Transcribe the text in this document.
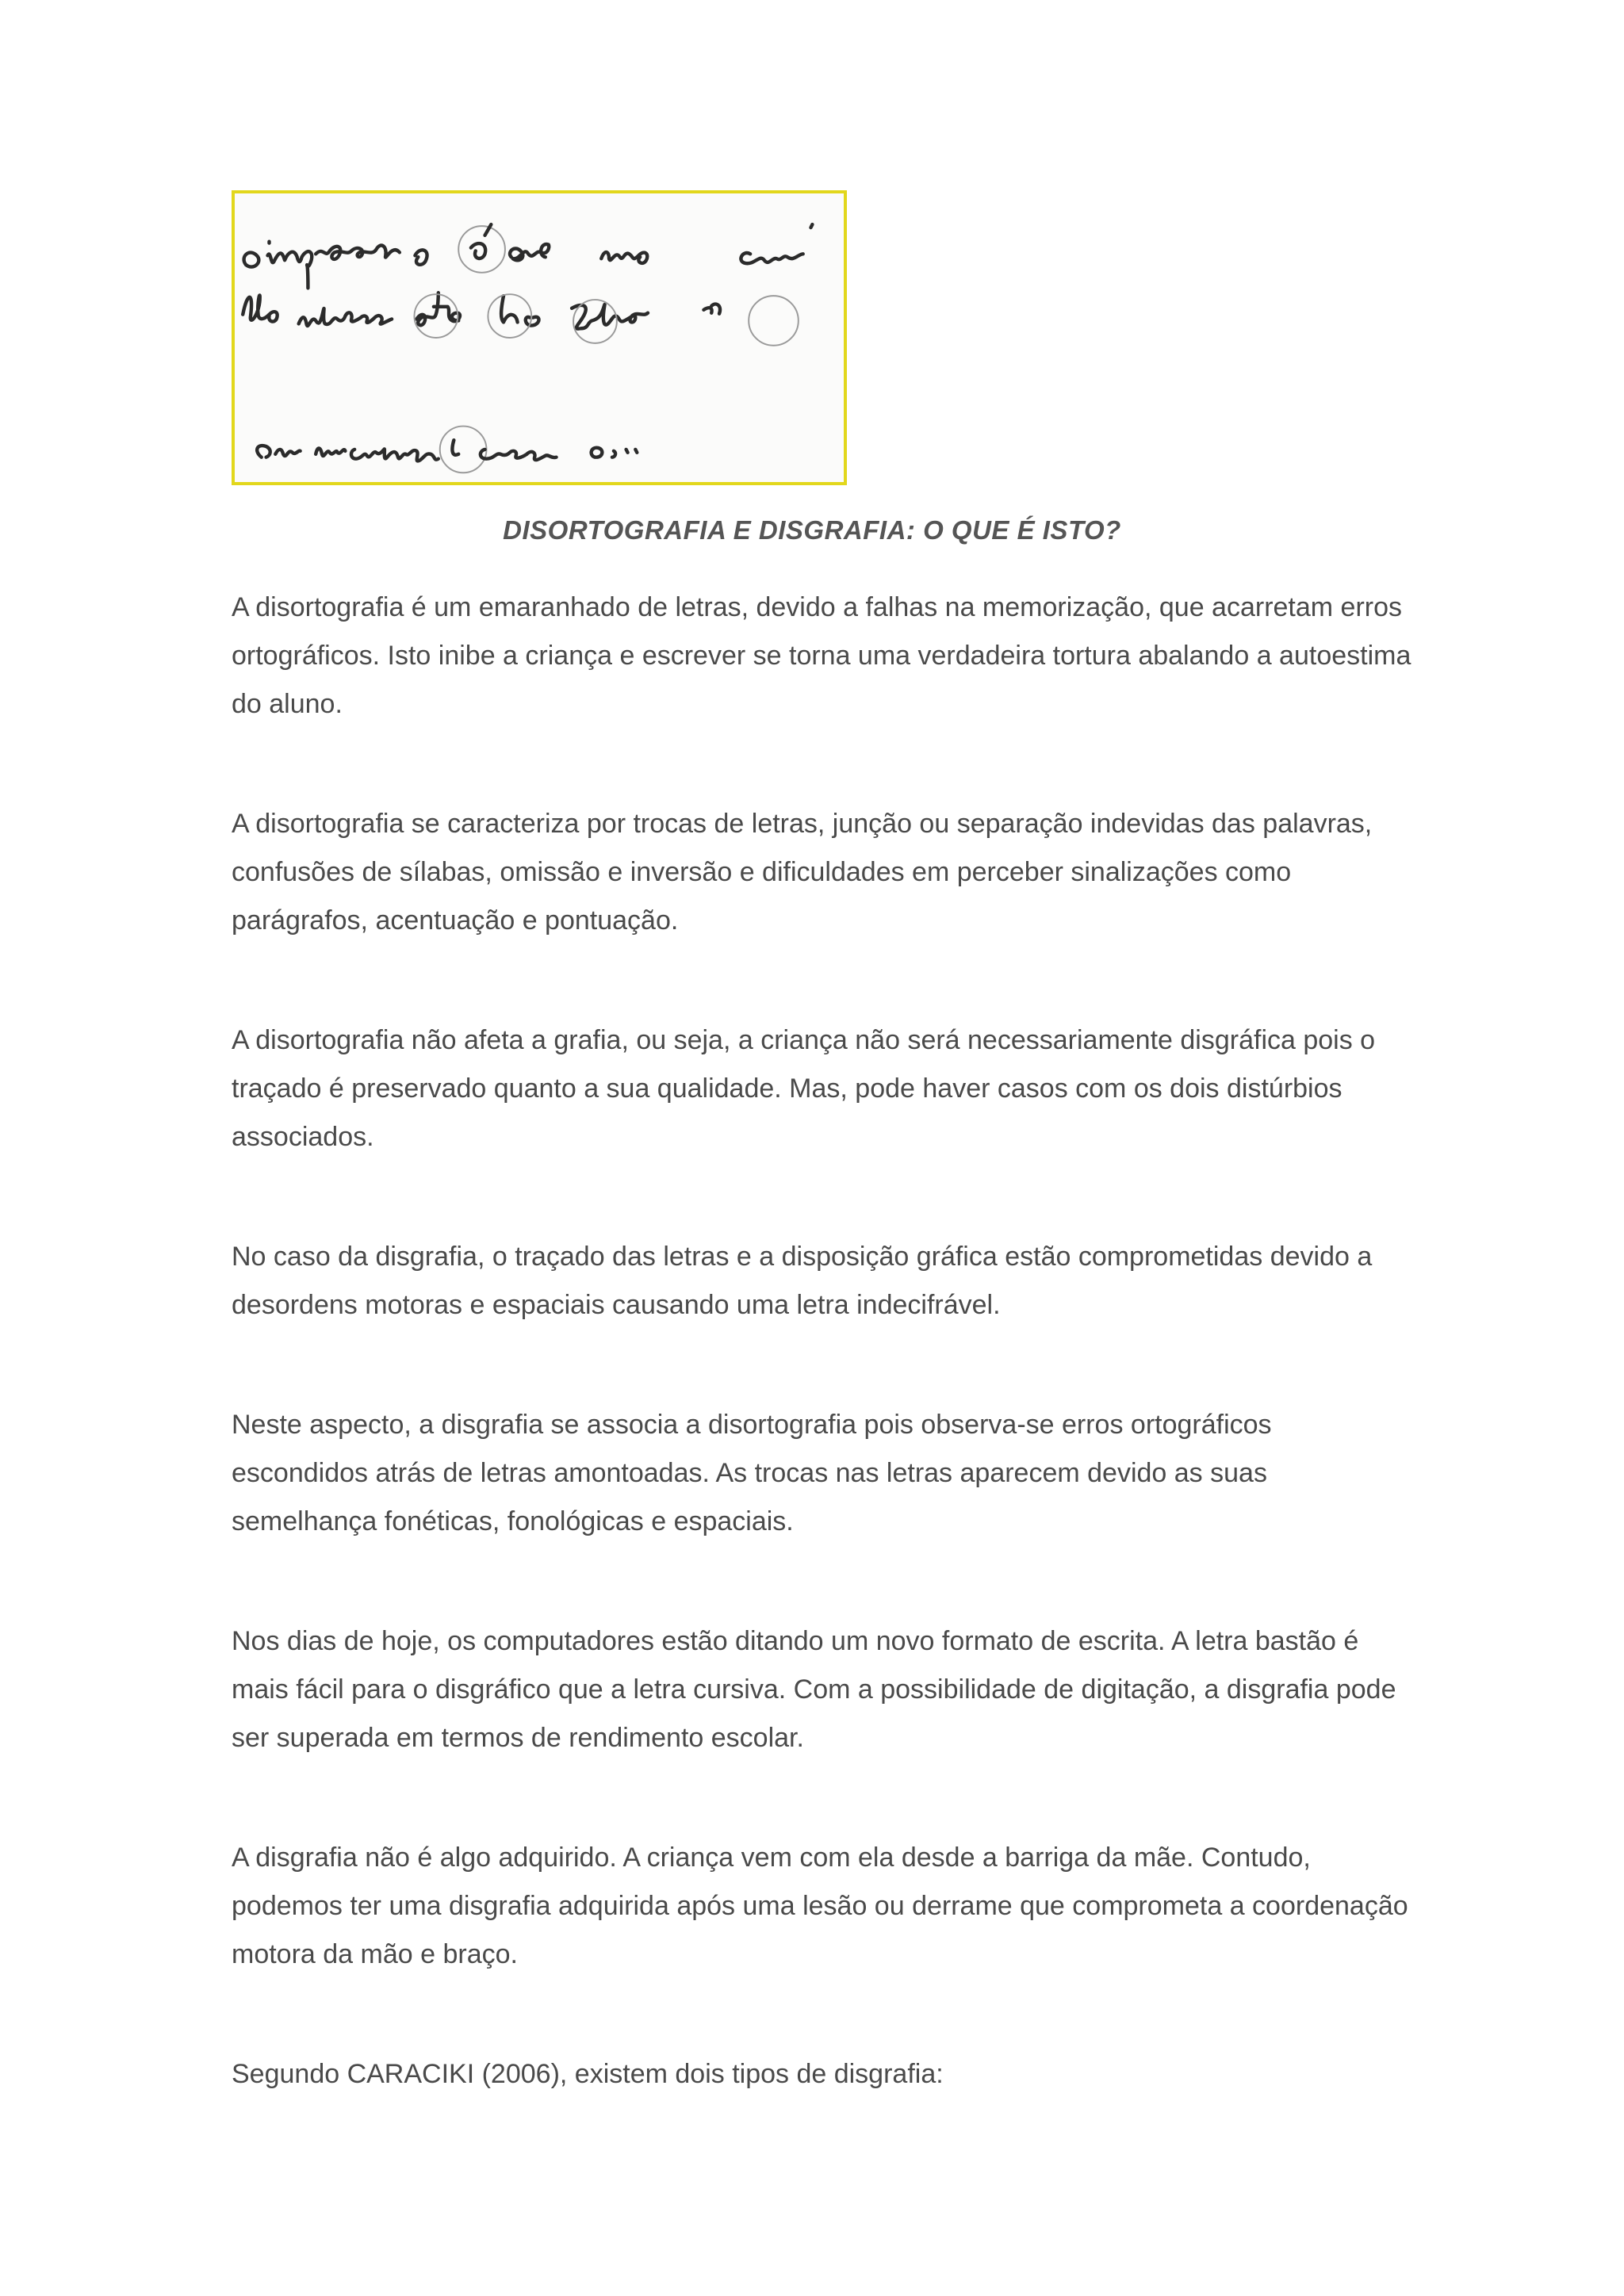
DISORTOGRAFIA E DISGRAFIA: O QUE É ISTO?

A disortografia é um emaranhado de letras, devido a falhas na memorização, que acarretam erros ortográficos. Isto inibe a criança e escrever se torna uma verdadeira tortura abalando a autoestima do aluno.

A disortografia se caracteriza por trocas de letras, junção ou separação indevidas das palavras, confusões de sílabas, omissão e inversão e dificuldades em perceber sinalizações como parágrafos, acentuação e pontuação.

A disortografia não afeta a grafia, ou seja, a criança não será necessariamente disgráfica pois o traçado é preservado quanto a sua qualidade. Mas, pode haver casos com os dois distúrbios associados.

No caso da disgrafia, o traçado das letras e a disposição gráfica estão comprometidas devido a desordens motoras e espaciais causando uma letra indecifrável.

Neste aspecto, a disgrafia se associa a disortografia pois observa-se erros ortográficos escondidos atrás de letras amontoadas. As trocas nas letras aparecem devido as suas semelhança fonéticas, fonológicas e espaciais.

Nos dias de hoje, os computadores estão ditando um novo formato de escrita. A letra bastão é mais fácil para o disgráfico que a letra cursiva. Com a possibilidade de digitação, a disgrafia pode ser superada em termos de rendimento escolar.

A disgrafia não é algo adquirido. A criança vem com ela desde a barriga da mãe. Contudo, podemos ter uma disgrafia adquirida após uma lesão ou derrame que comprometa a coordenação motora da mão e braço.

Segundo CARACIKI (2006), existem dois tipos de disgrafia:
